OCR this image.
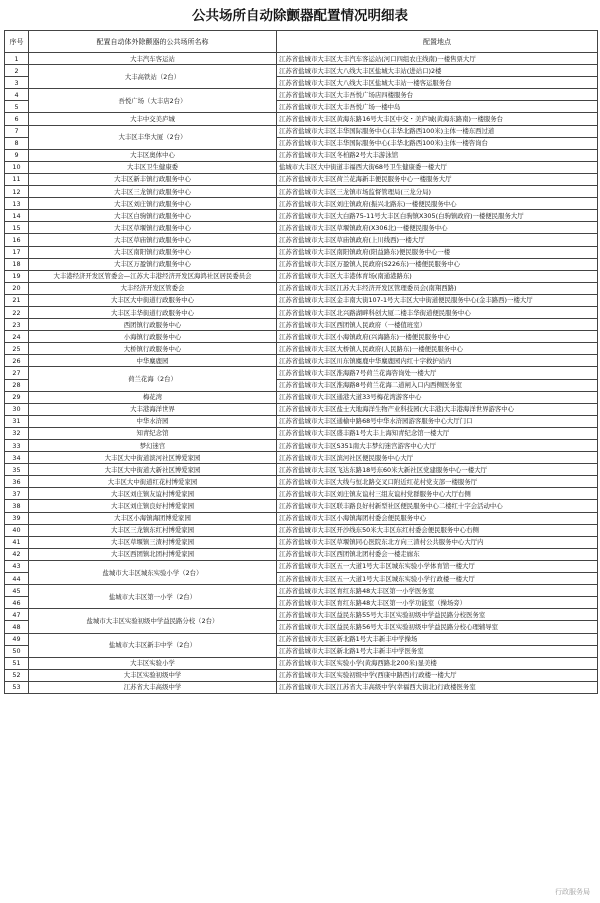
公共场所自动除颤器配置情况明细表
序号	配置自动体外除颤器的公共场所名称	配置地点
1	大丰汽车客运站	江苏省盐城市大丰区大丰汽车客运站(河口四组农庄线南)一楼售票大厅
2	大丰高铁站（2台）	江苏省盐城市大丰区大八线大丰区盐城大丰站(进站口)2楼
3		江苏省盐城市大丰区大八线大丰区盐城大丰站一楼客运服务台
4	吾悦广场（大丰店2台）	江苏省盐城市大丰区大丰吾悦广场店四楼服务台
5		江苏省盐城市大丰区大丰吾悦广场一楼中岛
6	大丰中交美庐城	江苏省盐城市大丰区黄海东路16号大丰区中交・美庐城(黄海东路南)一楼服务台
7	大丰区丰华大厦（2台）	江苏省盐城市大丰区丰华国际服务中心(丰华北路西100米)主体一楼东西过道
8		江苏省盐城市大丰区丰华国际服务中心(丰华北路西100米)主体一楼咨询台
9	大丰区奥体中心	江苏省盐城市大丰区冬柏路2号大丰游泳馆
10	大丰区卫生健康委	盐城市大丰区大中街道丰福西大街68号卫生健康委一楼大厅
11	大丰区新丰镇行政服务中心	江苏省盐城市大丰区荷兰花海新丰便民服务中心一楼服务大厅
12	大丰区三龙镇行政服务中心	江苏省盐城市大丰区三龙镇市场监督管理局(三龙分局)
13	大丰区刘庄镇行政服务中心	江苏省盐城市大丰区刘庄镇政府(振兴北路东)一楼便民服务中心
14	大丰区白驹镇行政服务中心	江苏省盐城市大丰区大白路75-11号大丰区白驹镇X305(白驹镇政府)一楼便民服务大厅
15	大丰区草堰镇行政服务中心	江苏省盐城市大丰区草堰镇政府(X306北)一楼便民服务中心
16	大丰区草庙镇行政服务中心	江苏省盐城市大丰区草庙镇政府(上川线西)一楼大厅
17	大丰区南阳镇行政服务中心	江苏省盐城市大丰区南阳镇政府(阳益路东)便民服务中心一楼
18	大丰区万盈镇行政服务中心	江苏省盐城市大丰区万盈镇人民政府(S226东)一楼便民服务中心
19	大丰港经济开发区管委会—江苏大丰港经济开发区海鸿社区居民委员会	江苏省盐城市大丰区大丰港体育场(南通港路东)
20	大丰经济开发区管委会	江苏省盐城市大丰区江苏大丰经济开发区管理委员会(南翔西路)
21	大丰区大中街道行政服务中心	江苏省盐城市大丰区金丰南大街107-1号大丰区大中街道便民服务中心(金丰路西)一楼大厅
22	大丰区丰华街道行政服务中心	江苏省盐城市大丰区北兴路湖畔科创大厦二楼丰华街道便民服务中心
23	西团镇行政服务中心	江苏省盐城市大丰区西团镇人民政府（一楼值班室）
24	小海镇行政服务中心	江苏省盐城市大丰区小海镇政府(兴海路东)一楼便民服务中心
25	大桥镇行政服务中心	江苏省盐城市大丰区大桥镇人民政府(人民路东)一楼便民服务中心
26	中华麋鹿园	江苏省盐城市大丰区川东镇麋鹿中华麋鹿园内红十字救护站内
27	荷兰花海（2台）	江苏省盐城市大丰区淮海路7号荷兰花海咨询处一楼大厅
28		江苏省盐城市大丰区淮海路8号荷兰花海二道闸入口内西侧医务室
29	梅花湾	江苏省盐城市大丰区通港大道33号梅花湾游客中心
30	大丰港海洋世界	江苏省盐城市大丰区盐士大地海洋生物产业科技园(大丰港)大丰港海洋世界游客中心
31	中华水浒园	江苏省盐城市大丰区通榆中路68号中华水浒园游客服务中心大厅门口
32	知青纪念馆	江苏省盐城市大丰区盛丰路1号大丰上海知青纪念馆一楼大厅
33	梦幻迷宫	江苏省盐城市大丰区S351南大丰梦幻迷宫游客中心大厅
34	大丰区大中街道滨河社区博爱家园	江苏省盐城市大丰区滨河社区便民服务中心大厅
35	大丰区大中街道大新社区博爱家园	江苏省盐城市大丰区飞达东路18号东60米大新社区党建服务中心一楼大厅
36	大丰区大中街道红花村博爱家园	江苏省盐城市大丰区大线与恒北路交叉口附近红花村党支部一楼服务厅
37	大丰区刘庄镇友谊村博爱家园	江苏省盐城市大丰区刘庄镇友谊村三组友谊村党群服务中心大厅右侧
38	大丰区刘庄镇良好村博爱家园	江苏省盐城市大丰区联丰路良好村新型社区便民服务中心二楼红十字会活动中心
39	大丰区小海镇海团博爱家园	江苏省盐城市大丰区小海镇海团村委会便民服务中心
40	大丰区三龙镇东红村博爱家园	江苏省盐城市大丰区开沙线东50米大丰区东红村委会便民服务中心右侧
41	大丰区草堰镇三渣村博爱家园	江苏省盐城市大丰区草堰镇同心医院东北方向三渣村公共服务中心大厅内
42	大丰区西团镇北团村博爱家园	江苏省盐城市大丰区西团镇北团村委会一楼走廊东
43	盐城市大丰区城东实验小学（2台）	江苏省盐城市大丰区五一大道1号大丰区城东实验小学体育馆一楼大厅
44		江苏省盐城市大丰区五一大道1号大丰区城东实验小学行政楼一楼大厅
45	盐城市大丰区第一小学（2台）	江苏省盐城市大丰区育红东路48大丰区第一小学医务室
46		江苏省盐城市大丰区育红东路48大丰区第一小学功能室（操场旁）
47	盐城市大丰区实验初级中学益民路分校（2台）	江苏省盐城市大丰区益民东路55号大丰区实验初级中学益民路分校医务室
48		江苏省盐城市大丰区益民东路56号大丰区实验初级中学益民路分校心理辅导室
49	盐城市大丰区新丰中学（2台）	江苏省盐城市大丰区新北路1号大丰新丰中学操场
50		江苏省盐城市大丰区新北路1号大丰新丰中学医务室
51	大丰区实验小学	江苏省盐城市大丰区实验小学(黄海西路北200米)显美楼
52	大丰区实验初级中学	江苏省盐城市大丰区实验初级中学(西康中路西)行政楼一楼大厅
53	江苏省大丰高级中学	江苏省盐城市大丰区江苏省大丰高级中学(幸福西大街北)行政楼医务室
行政服务局
